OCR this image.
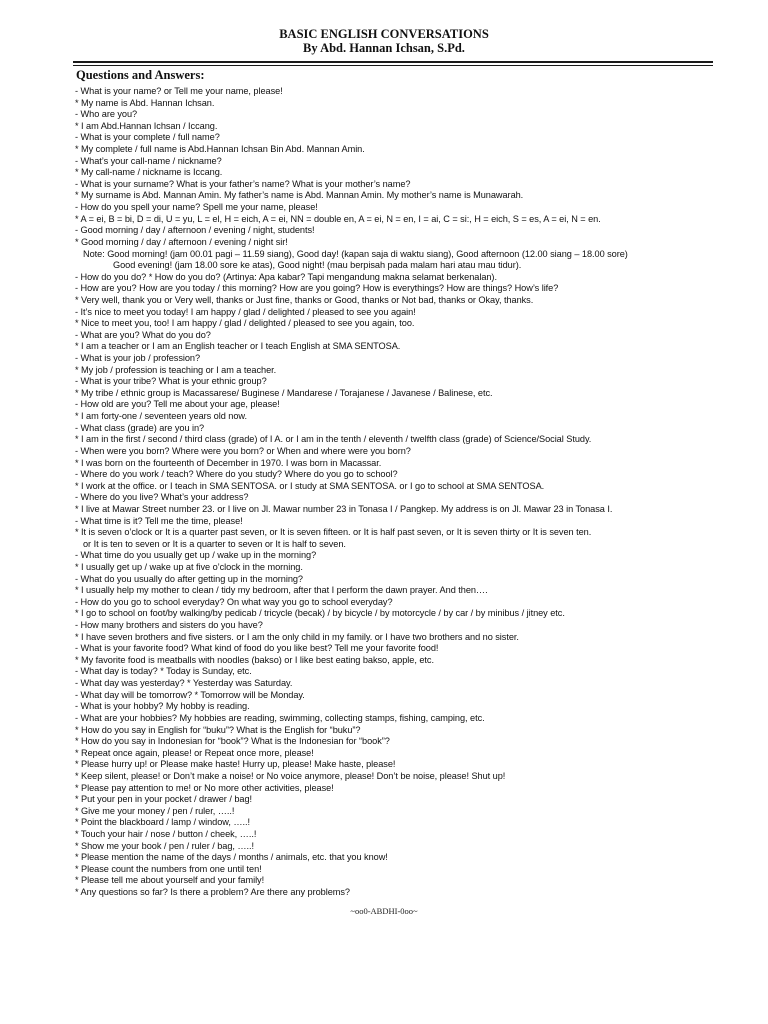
BASIC ENGLISH CONVERSATIONS
By Abd. Hannan Ichsan, S.Pd.
Questions and Answers:
- What is your name? or Tell me your name, please!
* My name is Abd. Hannan Ichsan.
- Who are you?
* I am Abd.Hannan Ichsan / Iccang.
- What is your complete / full name?
* My complete / full name is Abd.Hannan Ichsan Bin Abd. Mannan Amin.
- What’s your call-name / nickname?
* My call-name / nickname is Iccang.
- What is your surname? What is your father’s name? What is your mother’s name?
* My surname is Abd. Mannan Amin. My father’s name is Abd. Mannan Amin. My mother’s name is Munawarah.
- How do you spell your name? Spell me your name, please!
* A = ei, B = bi, D = di, U = yu, L = el, H = eich, A = ei, NN = double en, A = ei, N = en, I = ai, C = si:, H = eich, S = es, A = ei, N = en.
- Good morning / day / afternoon / evening / night, students!
* Good morning / day / afternoon / evening / night sir!
Note: Good morning! (jam 00.01 pagi – 11.59 siang), Good day! (kapan saja di waktu siang), Good afternoon (12.00 siang – 18.00 sore)
Good evening! (jam 18.00 sore ke atas), Good night! (mau berpisah pada malam hari atau mau tidur).
- How do you do? * How do you do? (Artinya: Apa kabar? Tapi mengandung makna selamat berkenalan).
- How are you? How are you today / this morning? How are you going? How is everythings? How are things? How’s life?
* Very well, thank you or Very well, thanks or Just fine, thanks or Good, thanks or Not bad, thanks or Okay, thanks.
- It’s nice to meet you today! I am happy / glad / delighted / pleased to see you again!
* Nice to meet you, too! I am happy / glad / delighted / pleased to see you again, too.
- What are you? What do you do?
* I am a teacher or I am an English teacher or I teach English at SMA SENTOSA.
- What is your job / profession?
* My job / profession is teaching or I am a teacher.
- What is your tribe? What is your ethnic group?
* My tribe / ethnic group is Macassarese/ Buginese / Mandarese / Torajanese / Javanese / Balinese, etc.
- How old are you? Tell me about your age, please!
* I am forty-one / seventeen years old now.
- What class (grade) are you in?
* I am in the first / second / third class (grade) of I A. or I am in the tenth / eleventh / twelfth class (grade) of Science/Social Study.
- When were you born? Where were you born? or When and where were you born?
* I was born on the fourteenth of December in 1970. I was born in Macassar.
- Where do you work / teach? Where do you study? Where do you go to school?
* I work at the office. or I teach in SMA SENTOSA. or I study at SMA SENTOSA. or I go to school at SMA SENTOSA.
- Where do you live? What’s your address?
* I live at Mawar Street number 23. or I live on Jl. Mawar number 23 in Tonasa I / Pangkep. My address is on Jl. Mawar 23 in Tonasa I.
- What time is it? Tell me the time, please!
* It is seven o’clock or It is a quarter past seven, or It is seven fifteen. or It is half past seven, or It is seven thirty or It is seven ten.
or It is ten to seven or It is a quarter to seven or It is half to seven.
- What time do you usually get up / wake up in the morning?
* I usually get up / wake up at five o’clock in the morning.
- What do you usually do after getting up in the morning?
* I usually help my mother to clean / tidy my bedroom, after that I perform the dawn prayer. And then….
- How do you go to school everyday? On what way you go to school everyday?
* I go to school on foot/by walking/by pedicab / tricycle (becak) / by bicycle / by motorcycle / by car / by minibus / jitney etc.
- How many brothers and sisters do you have?
* I have seven brothers and five sisters. or I am the only child in my family. or I have two brothers and no sister.
- What is your favorite food? What kind of food do you like best? Tell me your favorite food!
* My favorite food is meatballs with noodles (bakso) or I like best eating bakso, apple, etc.
- What day is today? * Today is Sunday, etc.
- What day was yesterday? * Yesterday was Saturday.
- What day will be tomorrow? * Tomorrow will be Monday.
- What is your hobby? My hobby is reading.
- What are your hobbies? My hobbies are reading, swimming, collecting stamps, fishing, camping, etc.
* How do you say in English for “buku”? What is the English for “buku”?
* How do you say in Indonesian for “book”? What is the Indonesian for “book”?
* Repeat once again, please! or Repeat once more, please!
* Please hurry up! or Please make haste! Hurry up, please! Make haste, please!
* Keep silent, please! or Don’t make a noise! or No voice anymore, please! Don’t be noise, please! Shut up!
* Please pay attention to me! or No more other activities, please!
* Put your pen in your pocket / drawer / bag!
* Give me your money / pen / ruler, …..!
* Point the blackboard / lamp / window, …..!
* Touch your hair / nose / button / cheek, …..!
* Show me your book / pen / ruler / bag, …..!
* Please mention the name of the days / months / animals, etc. that you know!
* Please count the numbers from one until ten!
* Please tell me about yourself and your family!
* Any questions so far? Is there a problem? Are there any problems?
~oo0-ABDHI-0oo~
